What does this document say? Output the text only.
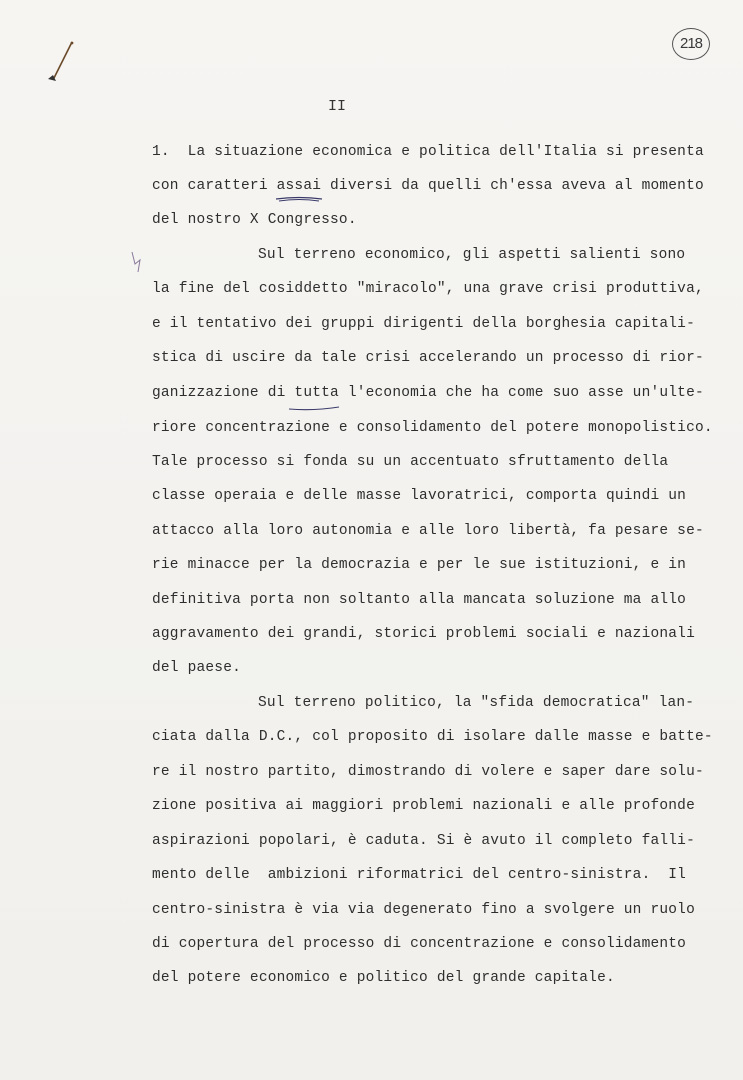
218
II
1.  La situazione economica e politica dell'Italia si presenta
con caratteri assai diversi da quelli ch'essa aveva al momento
del nostro X Congresso.
Sul terreno economico, gli aspetti salienti sono
la fine del cosiddetto "miracolo", una grave crisi produttiva,
e il tentativo dei gruppi dirigenti della borghesia capitali-
stica di uscire da tale crisi accelerando un processo di rior-
ganizzazione di tutta l'economia che ha come suo asse un'ulte-
riore concentrazione e consolidamento del potere monopolistico.
Tale processo si fonda su un accentuato sfruttamento della
classe operaia e delle masse lavoratrici, comporta quindi un
attacco alla loro autonomia e alle loro libertà, fa pesare se-
rie minacce per la democrazia e per le sue istituzioni, e in
definitiva porta non soltanto alla mancata soluzione ma allo
aggravamento dei grandi, storici problemi sociali e nazionali
del paese.
Sul terreno politico, la "sfida democratica" lan-
ciata dalla D.C., col proposito di isolare dalle masse e batte-
re il nostro partito, dimostrando di volere e saper dare solu-
zione positiva ai maggiori problemi nazionali e alle profonde
aspirazioni popolari, è caduta. Si è avuto il completo falli-
mento delle  ambizioni riformatrici del centro-sinistra.  Il
centro-sinistra è via via degenerato fino a svolgere un ruolo
di copertura del processo di concentrazione e consolidamento
del potere economico e politico del grande capitale.
